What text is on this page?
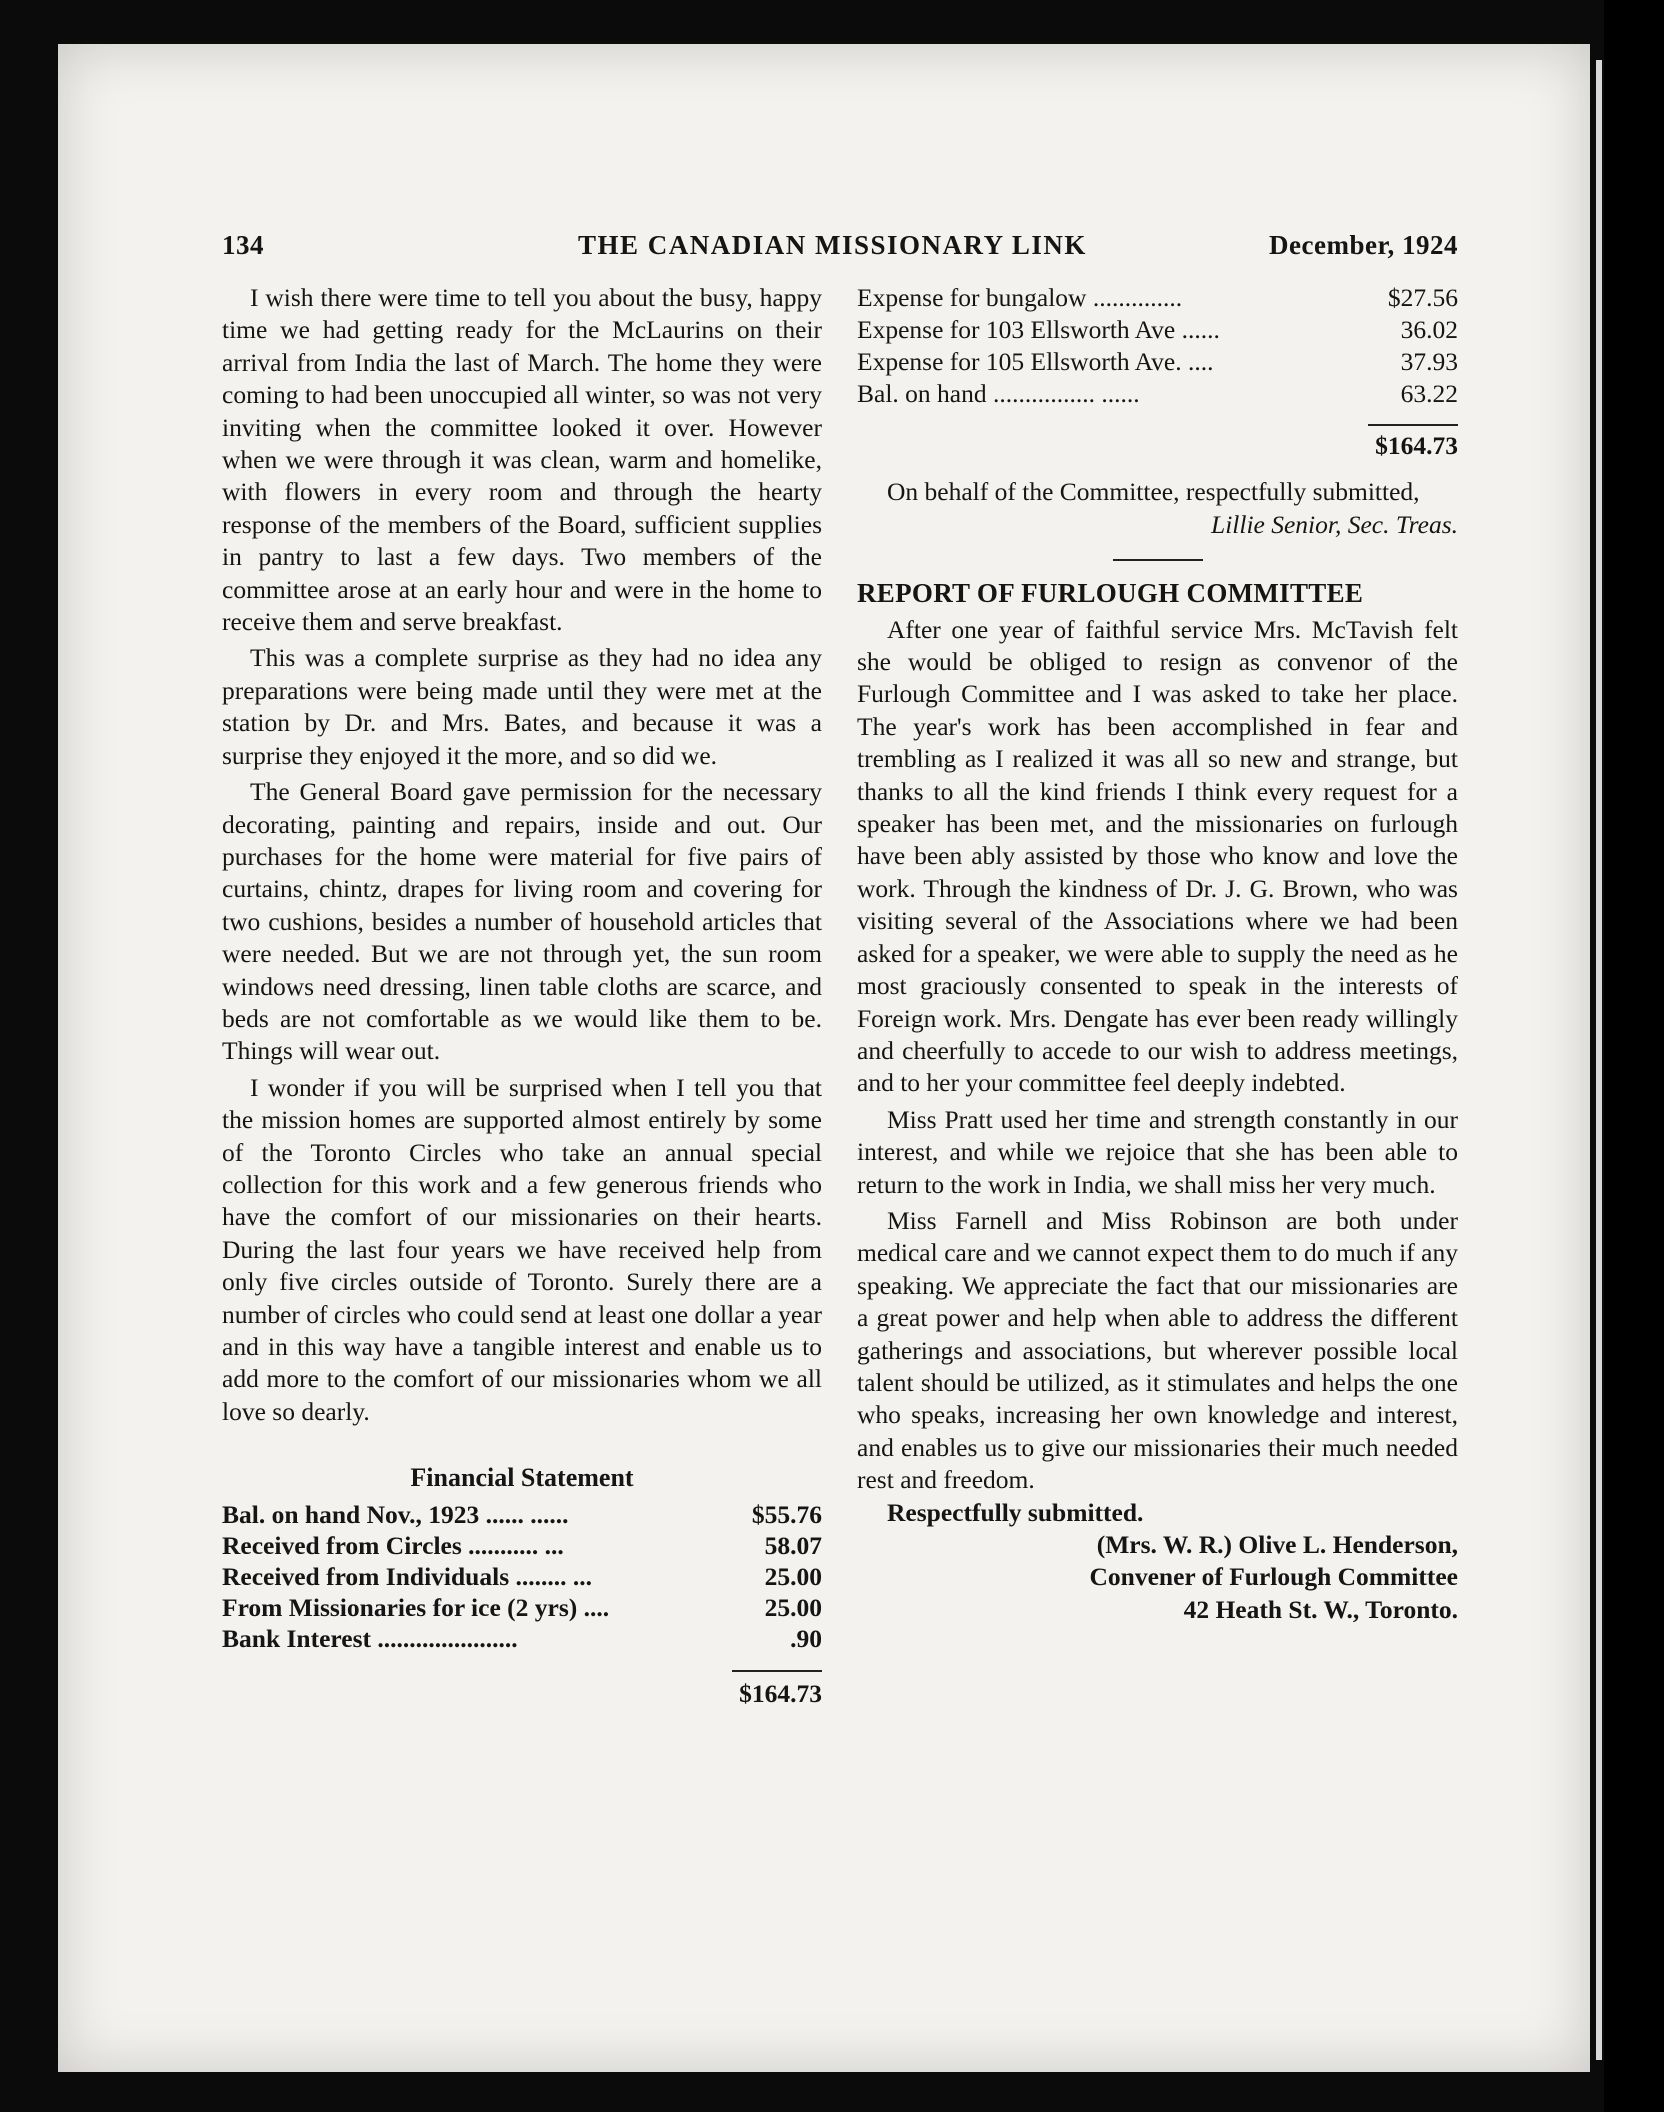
134	THE CANADIAN MISSIONARY LINK	December, 1924

I wish there were time to tell you about the busy, happy time we had getting ready for the McLaurins on their arrival from India the last of March. The home they were coming to had been unoccupied all winter, so was not very inviting when the committee looked it over. However when we were through it was clean, warm and homelike, with flowers in every room and through the hearty response of the members of the Board, sufficient supplies in pantry to last a few days. Two members of the committee arose at an early hour and were in the home to receive them and serve breakfast.

This was a complete surprise as they had no idea any preparations were being made until they were met at the station by Dr. and Mrs. Bates, and because it was a surprise they enjoyed it the more, and so did we.

The General Board gave permission for the necessary decorating, painting and repairs, inside and out. Our purchases for the home were material for five pairs of curtains, chintz, drapes for living room and covering for two cushions, besides a number of household articles that were needed. But we are not through yet, the sun room windows need dressing, linen table cloths are scarce, and beds are not comfortable as we would like them to be. Things will wear out.

I wonder if you will be surprised when I tell you that the mission homes are supported almost entirely by some of the Toronto Circles who take an annual special collection for this work and a few generous friends who have the comfort of our missionaries on their hearts. During the last four years we have received help from only five circles outside of Toronto. Surely there are a number of circles who could send at least one dollar a year and in this way have a tangible interest and enable us to add more to the comfort of our missionaries whom we all love so dearly.

Financial Statement
Bal. on hand Nov., 1923 ...... ......	$55.76
Received from Circles ........... ...	58.07
Received from Individuals ........ ...	25.00
From Missionaries for ice (2 yrs) ....	25.00
Bank Interest ......................	.90
$164.73
Expense for bungalow ..............	$27.56
Expense for 103 Ellsworth Ave ......	36.02
Expense for 105 Ellsworth Ave. ....	37.93
Bal. on hand ................ ......	63.22
$164.73

On behalf of the Committee, respectfully submitted,

Lillie Senior, Sec. Treas.
REPORT OF FURLOUGH COMMITTEE

After one year of faithful service Mrs. McTavish felt she would be obliged to resign as convenor of the Furlough Committee and I was asked to take her place. The year's work has been accomplished in fear and trembling as I realized it was all so new and strange, but thanks to all the kind friends I think every request for a speaker has been met, and the missionaries on furlough have been ably assisted by those who know and love the work. Through the kindness of Dr. J. G. Brown, who was visiting several of the Associations where we had been asked for a speaker, we were able to supply the need as he most graciously consented to speak in the interests of Foreign work. Mrs. Dengate has ever been ready willingly and cheerfully to accede to our wish to address meetings, and to her your committee feel deeply indebted.

Miss Pratt used her time and strength constantly in our interest, and while we rejoice that she has been able to return to the work in India, we shall miss her very much.

Miss Farnell and Miss Robinson are both under medical care and we cannot expect them to do much if any speaking. We appreciate the fact that our missionaries are a great power and help when able to address the different gatherings and associations, but wherever possible local talent should be utilized, as it stimulates and helps the one who speaks, increasing her own knowledge and interest, and enables us to give our missionaries their much needed rest and freedom.

Respectfully submitted.

(Mrs. W. R.) Olive L. Henderson,
Convener of Furlough Committee
42 Heath St. W., Toronto.
